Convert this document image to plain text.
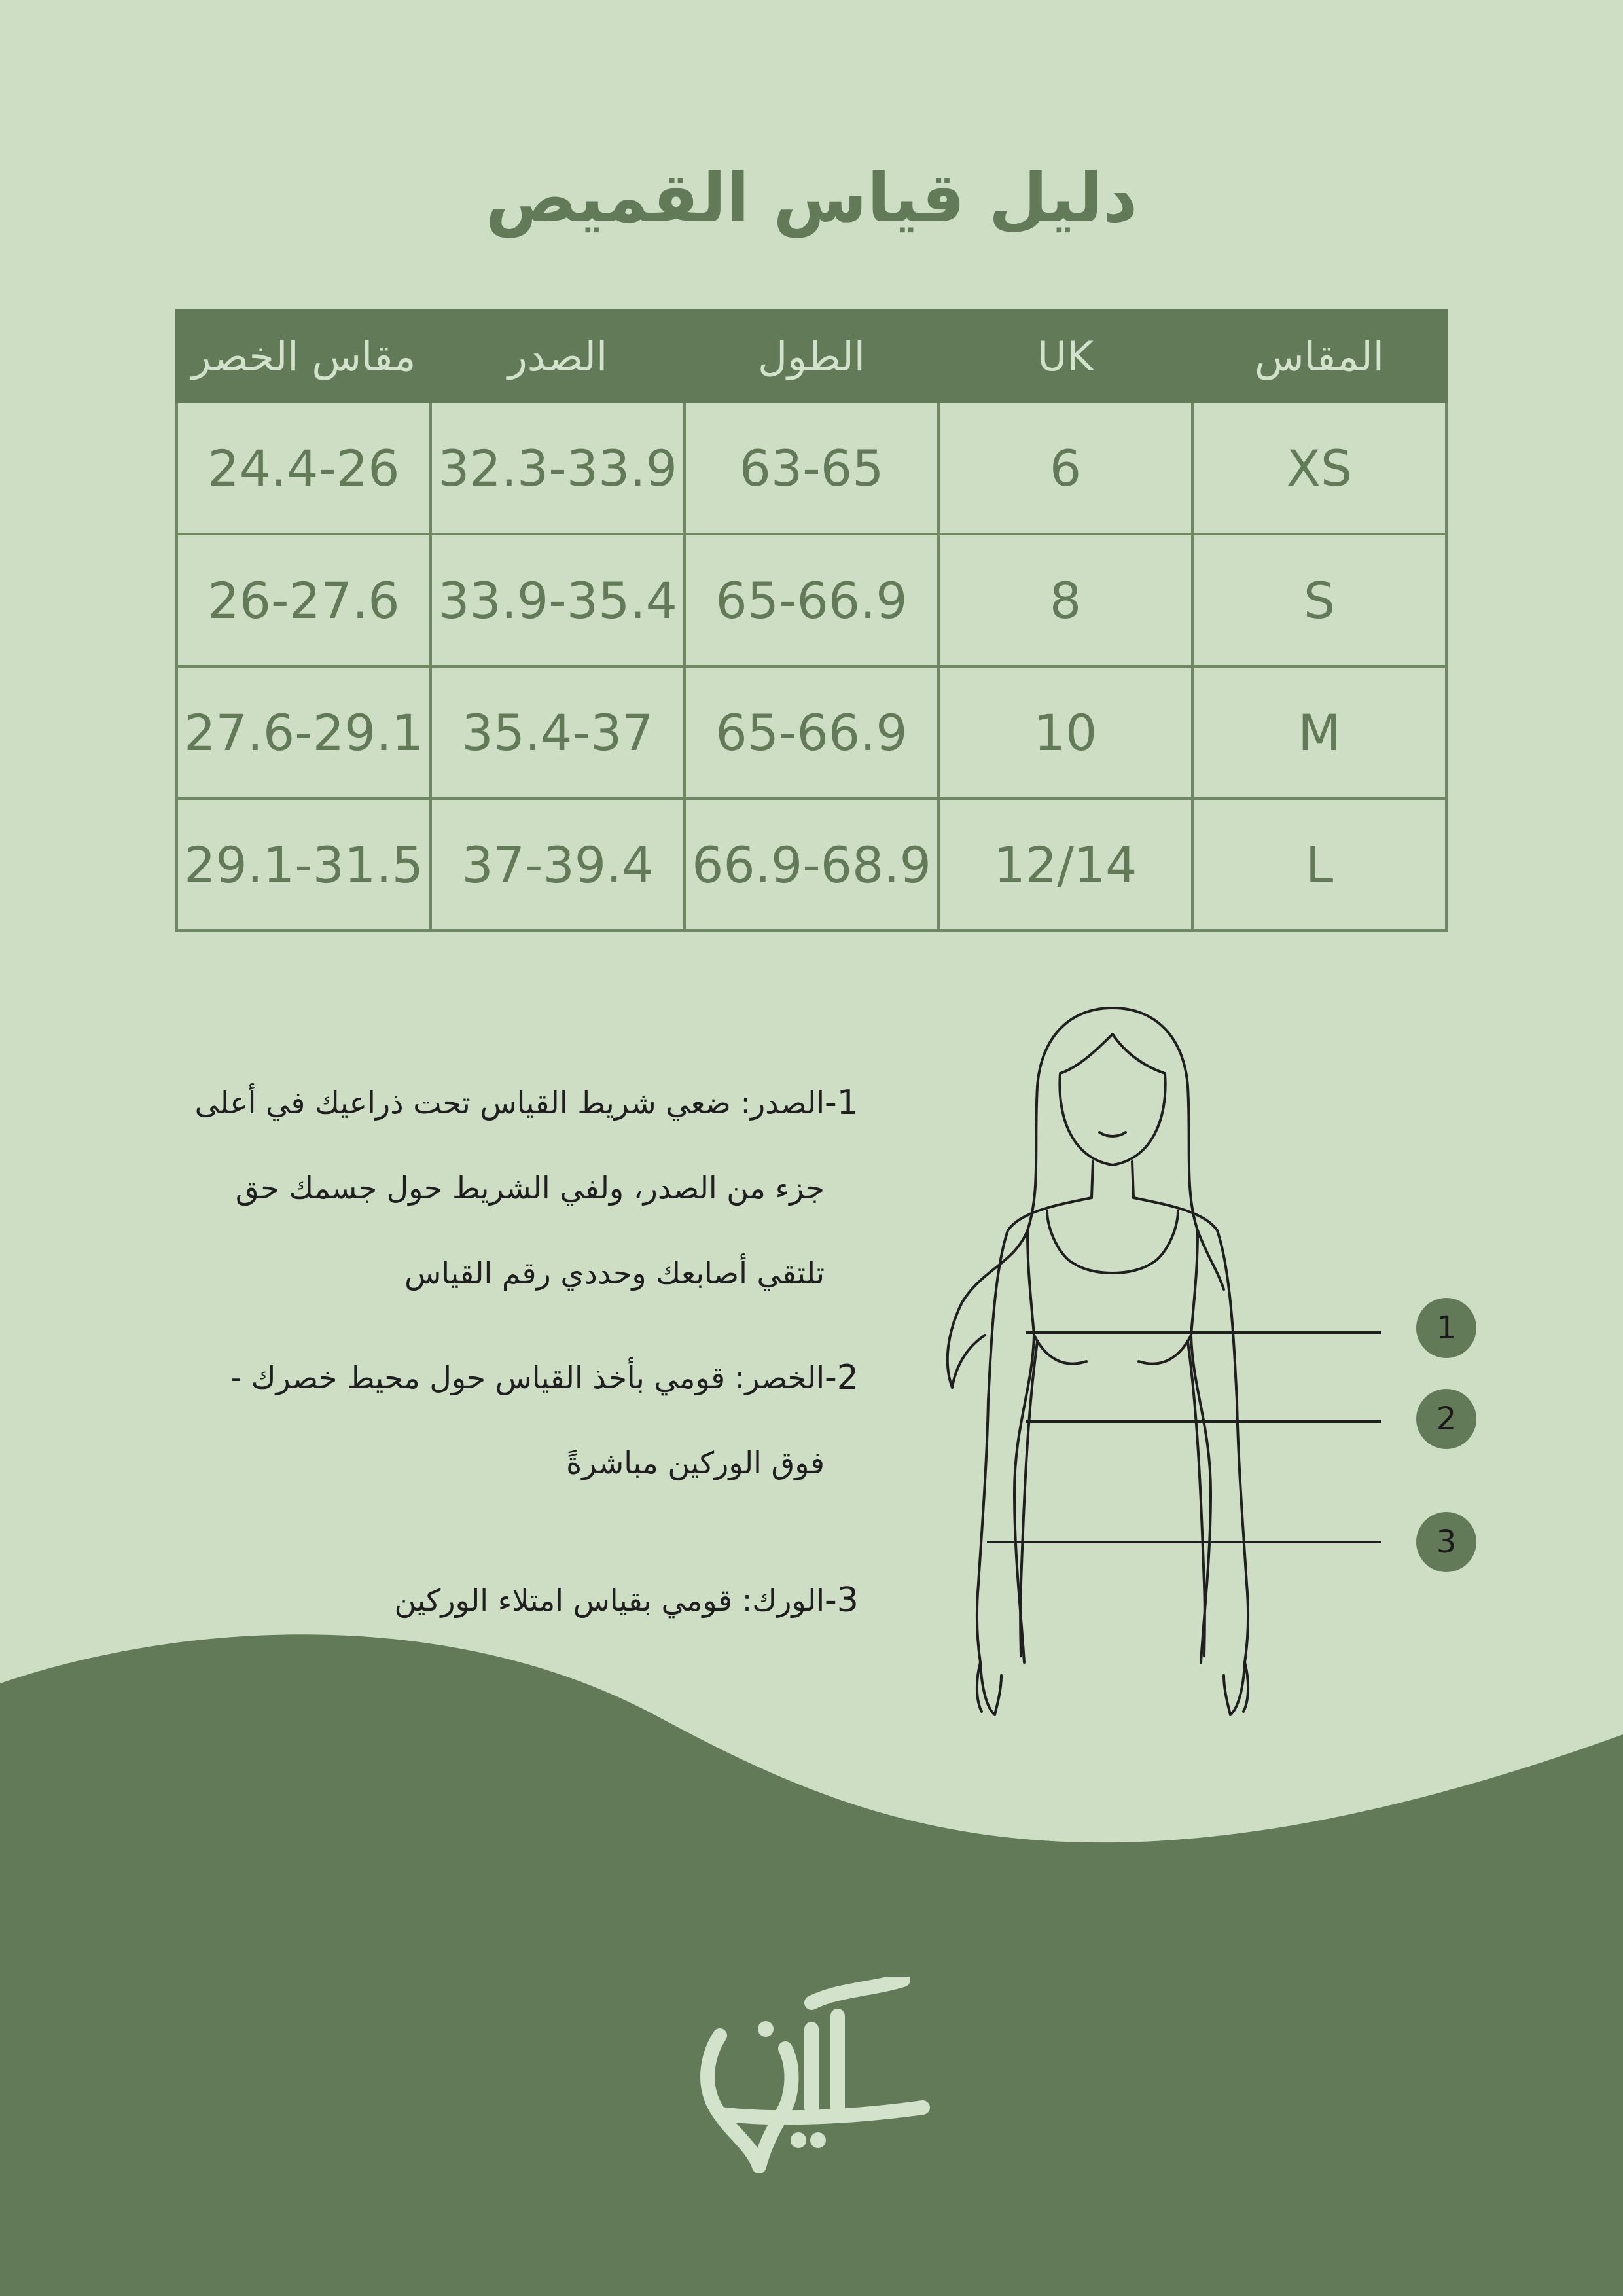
دليل قياس القميص
المقاس	UK	الطول	الصدر	مقاس الخصر
XS	6	63-65	32.3-33.9	24.4-26
S	8	65-66.9	33.9-35.4	26-27.6
M	10	65-66.9	35.4-37	27.6-29.1
L	12/14	66.9-68.9	37-39.4	29.1-31.5
-1
الصدر: ضعي شريط القياس تحت ذراعيك في أعلى جزء من الصدر، ولفي الشريط حول جسمك حق تلتقي أصابعك وحددي رقم القياس
-2
الخصر: قومي بأخذ القياس حول محيط خصرك - فوق الوركين مباشرةً
-3
الورك: قومي بقياس امتلاء الوركين
1
2
3
